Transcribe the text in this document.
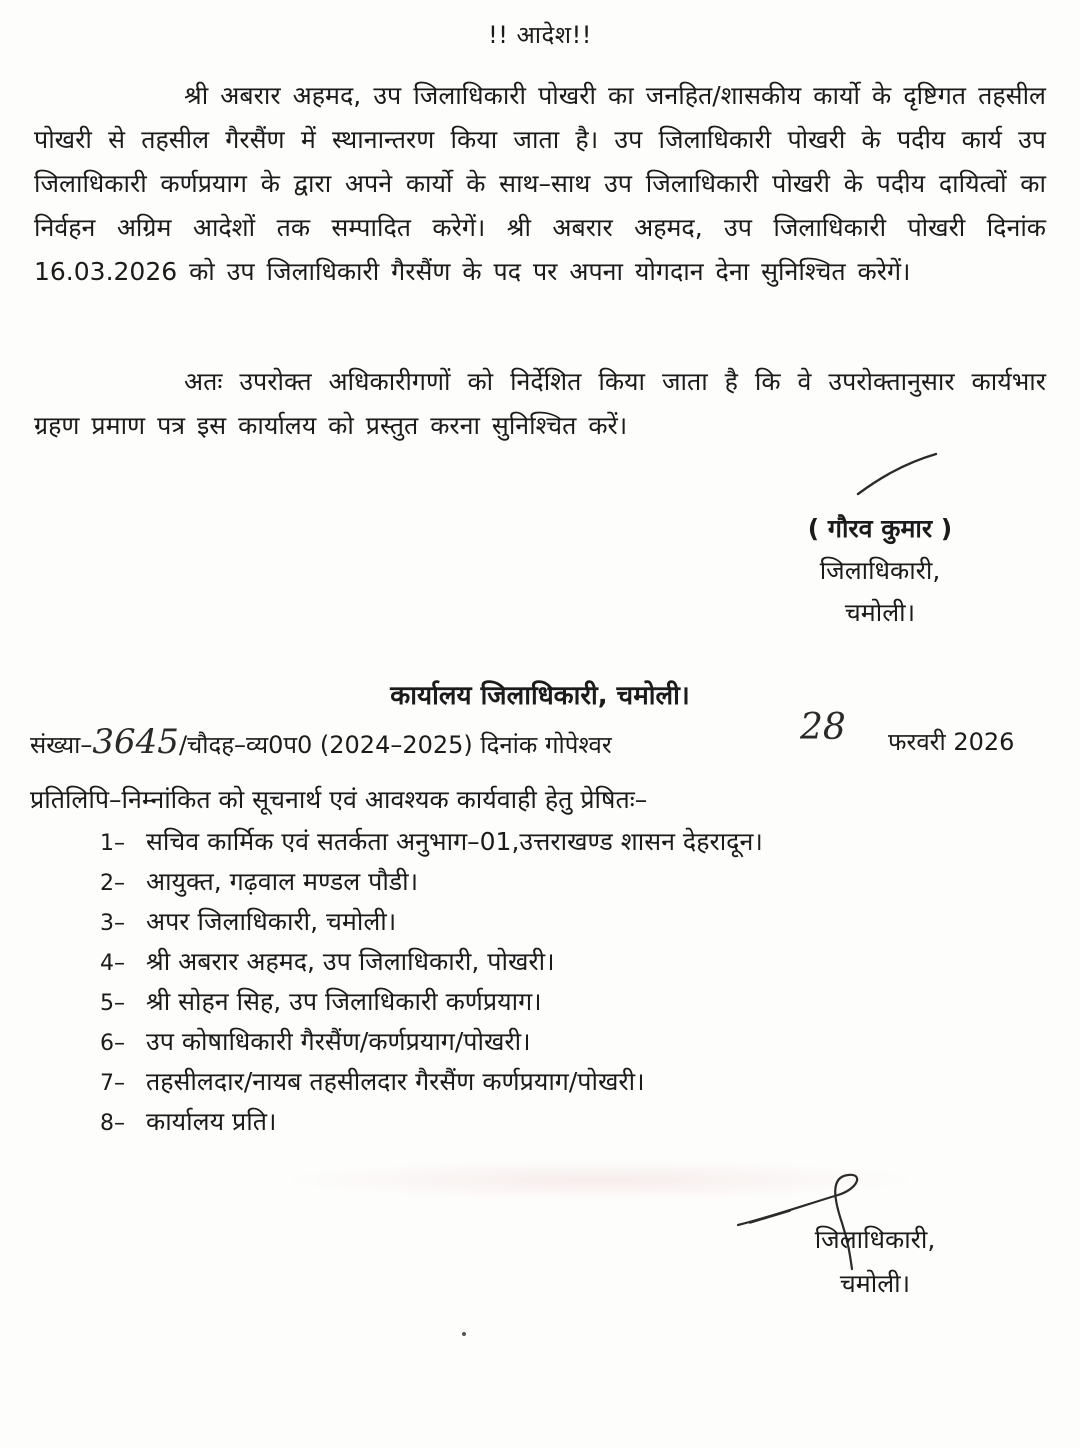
!! आदेश!!
श्री अबरार अहमद, उप जिलाधिकारी पोखरी का जनहित/शासकीय कार्यो के दृष्टिगत तहसील पोखरी से तहसील गैरसैंण में स्थानान्तरण किया जाता है। उप जिलाधिकारी पोखरी के पदीय कार्य उप जिलाधिकारी कर्णप्रयाग के द्वारा अपने कार्यो के साथ–साथ उप जिलाधिकारी पोखरी के पदीय दायित्वों का निर्वहन अग्रिम आदेशों तक सम्पादित करेगें। श्री अबरार अहमद, उप जिलाधिकारी पोखरी दिनांक 16.03.2026 को उप जिलाधिकारी गैरसैंण के पद पर अपना योगदान देना सुनिश्चित करेगें।
अतः उपरोक्त अधिकारीगणों को निर्देशित किया जाता है कि वे उपरोक्तानुसार कार्यभार ग्रहण प्रमाण पत्र इस कार्यालय को प्रस्तुत करना सुनिश्चित करें।
( गौरव कुमार )
जिलाधिकारी,
चमोली।
कार्यालय जिलाधिकारी, चमोली।
संख्या–3645/चौदह–व्य0प0 (2024–2025) दिनांक गोपेश्वर	28 फरवरी 2026
प्रतिलिपि–निम्नांकित को सूचनार्थ एवं आवश्यक कार्यवाही हेतु प्रेषितः–
1– सचिव कार्मिक एवं सतर्कता अनुभाग–01,उत्तराखण्ड शासन देहरादून।
2– आयुक्त, गढ़वाल मण्डल पौडी।
3– अपर जिलाधिकारी, चमोली।
4– श्री अबरार अहमद, उप जिलाधिकारी, पोखरी।
5– श्री सोहन सिह, उप जिलाधिकारी कर्णप्रयाग।
6– उप कोषाधिकारी गैरसैंण/कर्णप्रयाग/पोखरी।
7– तहसीलदार/नायब तहसीलदार गैरसैंण कर्णप्रयाग/पोखरी।
8– कार्यालय प्रति।
जिलाधिकारी,
चमोली।
